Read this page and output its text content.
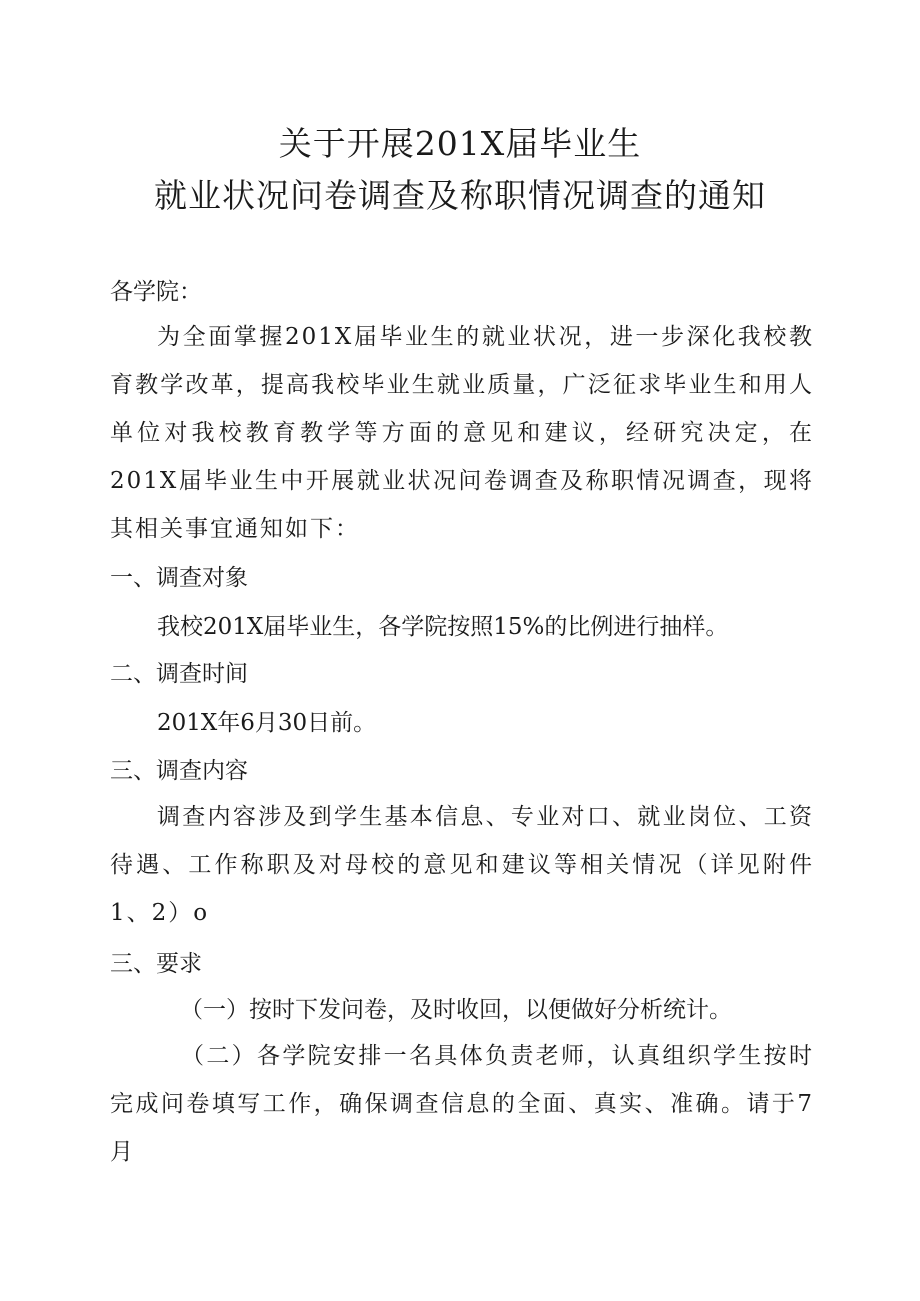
关于开展201X届毕业生
就业状况问卷调查及称职情况调查的通知
各学院：
为全面掌握201X届毕业生的就业状况，进一步深化我校教育教学改革，提高我校毕业生就业质量，广泛征求毕业生和用人单位对我校教育教学等方面的意见和建议，经研究决定，在201X届毕业生中开展就业状况问卷调查及称职情况调查，现将其相关事宜通知如下：
一、调查对象
我校201X届毕业生，各学院按照15%的比例进行抽样。
二、调查时间
201X年6月30日前。
三、调查内容
调查内容涉及到学生基本信息、专业对口、就业岗位、工资待遇、工作称职及对母校的意见和建议等相关情况（详见附件1、2）o
三、要求
（一）按时下发问卷，及时收回，以便做好分析统计。
（二）各学院安排一名具体负责老师，认真组织学生按时完成问卷填写工作，确保调查信息的全面、真实、准确。请于7月
